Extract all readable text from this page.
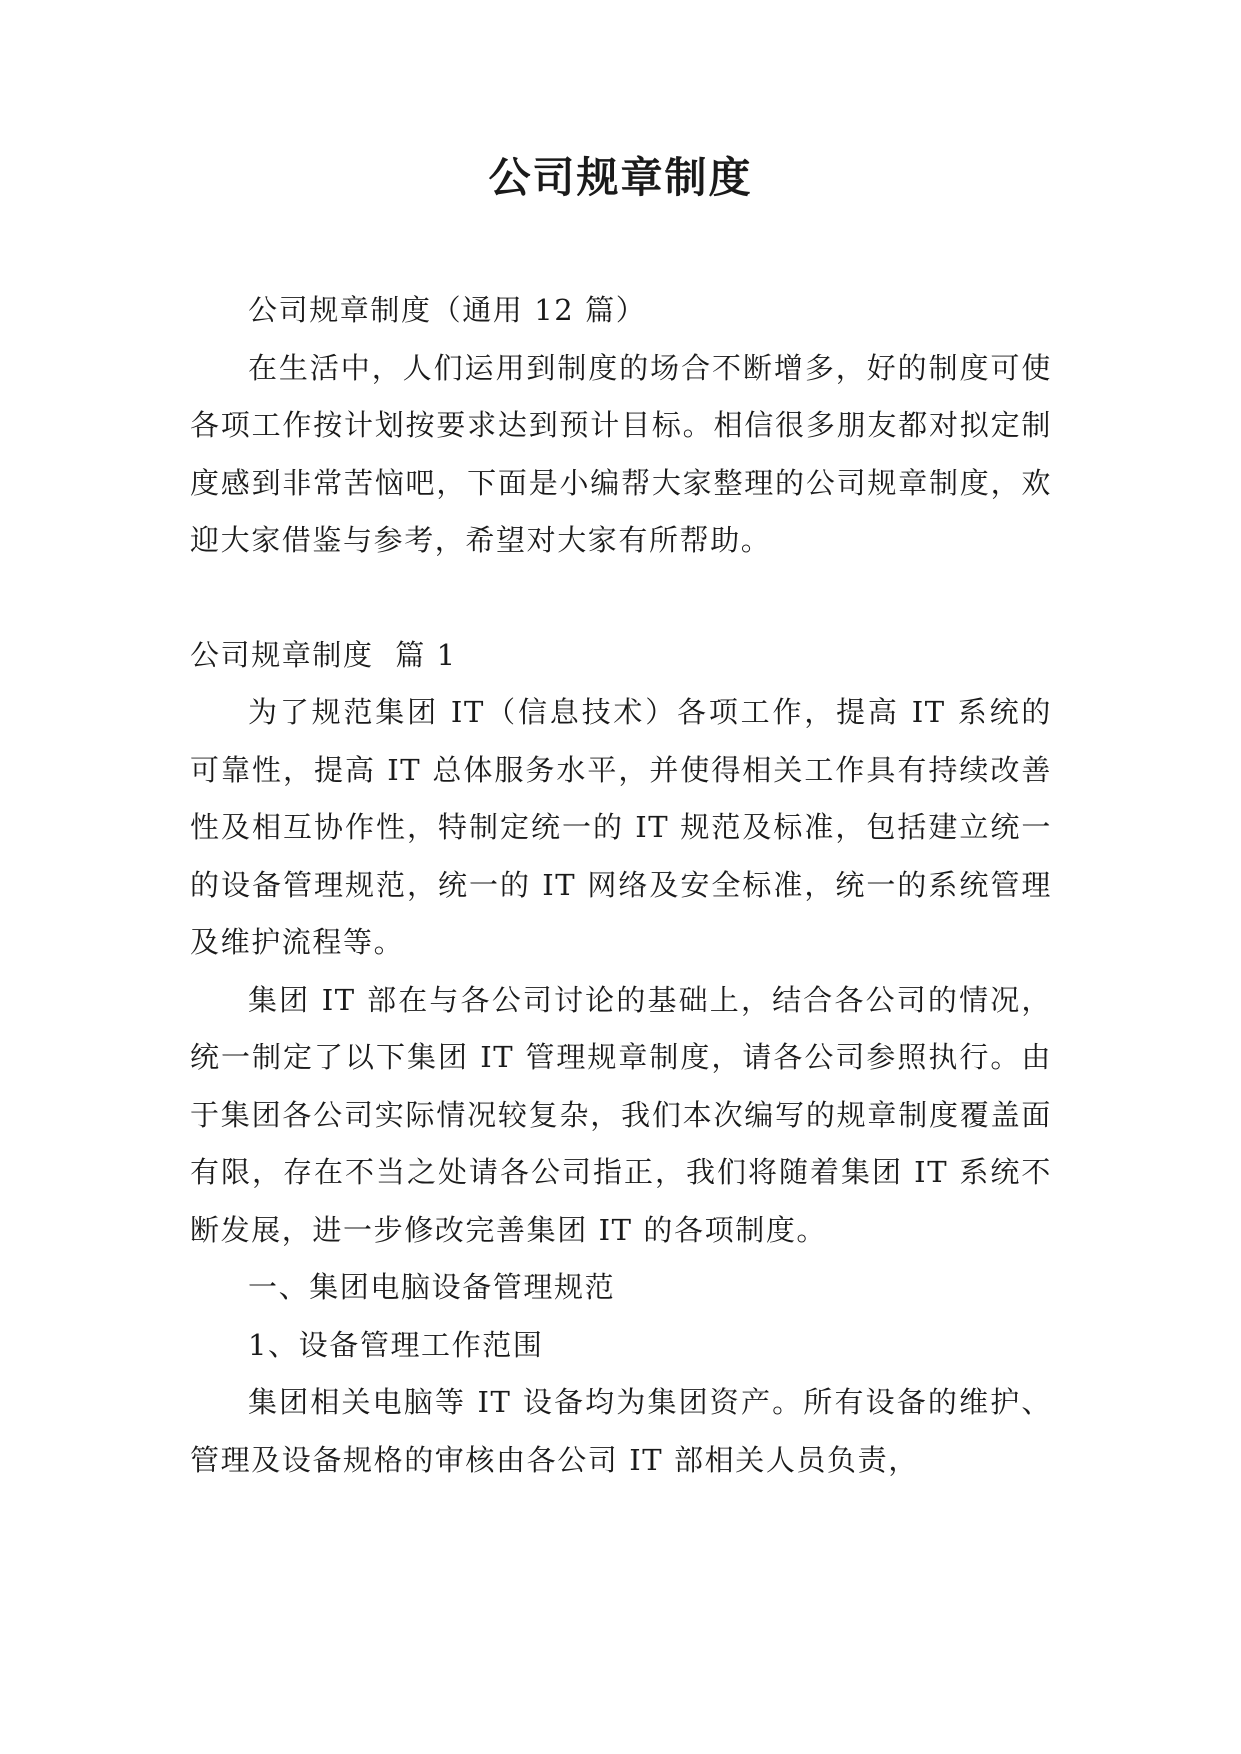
公司规章制度

公司规章制度（通用 12 篇）

在生活中，人们运用到制度的场合不断增多，好的制度可使各项工作按计划按要求达到预计目标。相信很多朋友都对拟定制度感到非常苦恼吧，下面是小编帮大家整理的公司规章制度，欢迎大家借鉴与参考，希望对大家有所帮助。

公司规章制度  篇 1

为了规范集团 IT（信息技术）各项工作，提高 IT 系统的可靠性，提高 IT 总体服务水平，并使得相关工作具有持续改善性及相互协作性，特制定统一的 IT 规范及标准，包括建立统一的设备管理规范，统一的 IT 网络及安全标准，统一的系统管理及维护流程等。

集团 IT 部在与各公司讨论的基础上，结合各公司的情况，统一制定了以下集团 IT 管理规章制度，请各公司参照执行。由于集团各公司实际情况较复杂，我们本次编写的规章制度覆盖面有限，存在不当之处请各公司指正，我们将随着集团 IT 系统不断发展，进一步修改完善集团 IT 的各项制度。

一、集团电脑设备管理规范

1、设备管理工作范围

集团相关电脑等 IT 设备均为集团资产。所有设备的维护、管理及设备规格的审核由各公司 IT 部相关人员负责，
